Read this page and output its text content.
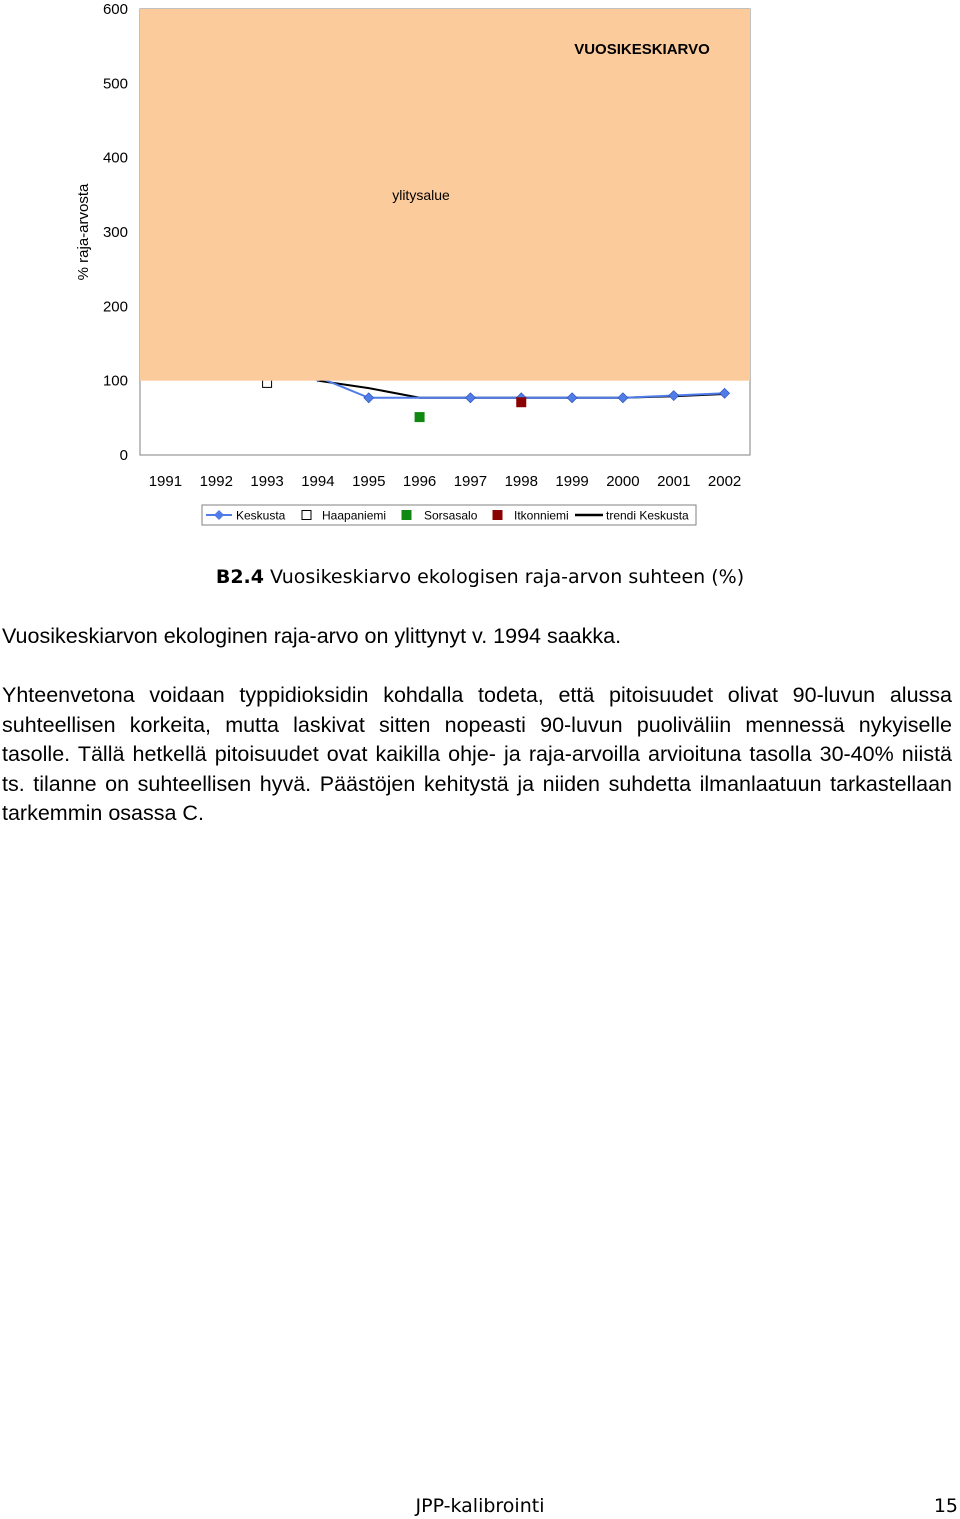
VUOSIKESKIARVO
ylitysalue
0
100
200
300
400
500
600
1991 1992 1993 1994 1995 1996 1997 1998 1999 2000 2001 2002
% raja-arvosta
Keskusta	Haapaniemi	Sorsasalo	Itkonniemi	trendi Keskusta
B2.4 Vuosikeskiarvo ekologisen raja-arvon suhteen (%)
Vuosikeskiarvon ekologinen raja-arvo on ylittynyt v. 1994 saakka.
Yhteenvetona voidaan typpidioksidin kohdalla todeta, että pitoisuudet olivat 90-luvun alussa suhteellisen korkeita, mutta laskivat sitten nopeasti 90-luvun puoliväliin mennessä nykyiselle tasolle. Tällä hetkellä pitoisuudet ovat kaikilla ohje- ja raja-arvoilla arvioituna tasolla 30-40% niistä ts. tilanne on suhteellisen hyvä. Päästöjen kehitystä ja niiden suhdetta ilmanlaatuun tarkastellaan tarkemmin osassa C.
JPP-kalibrointi	15
